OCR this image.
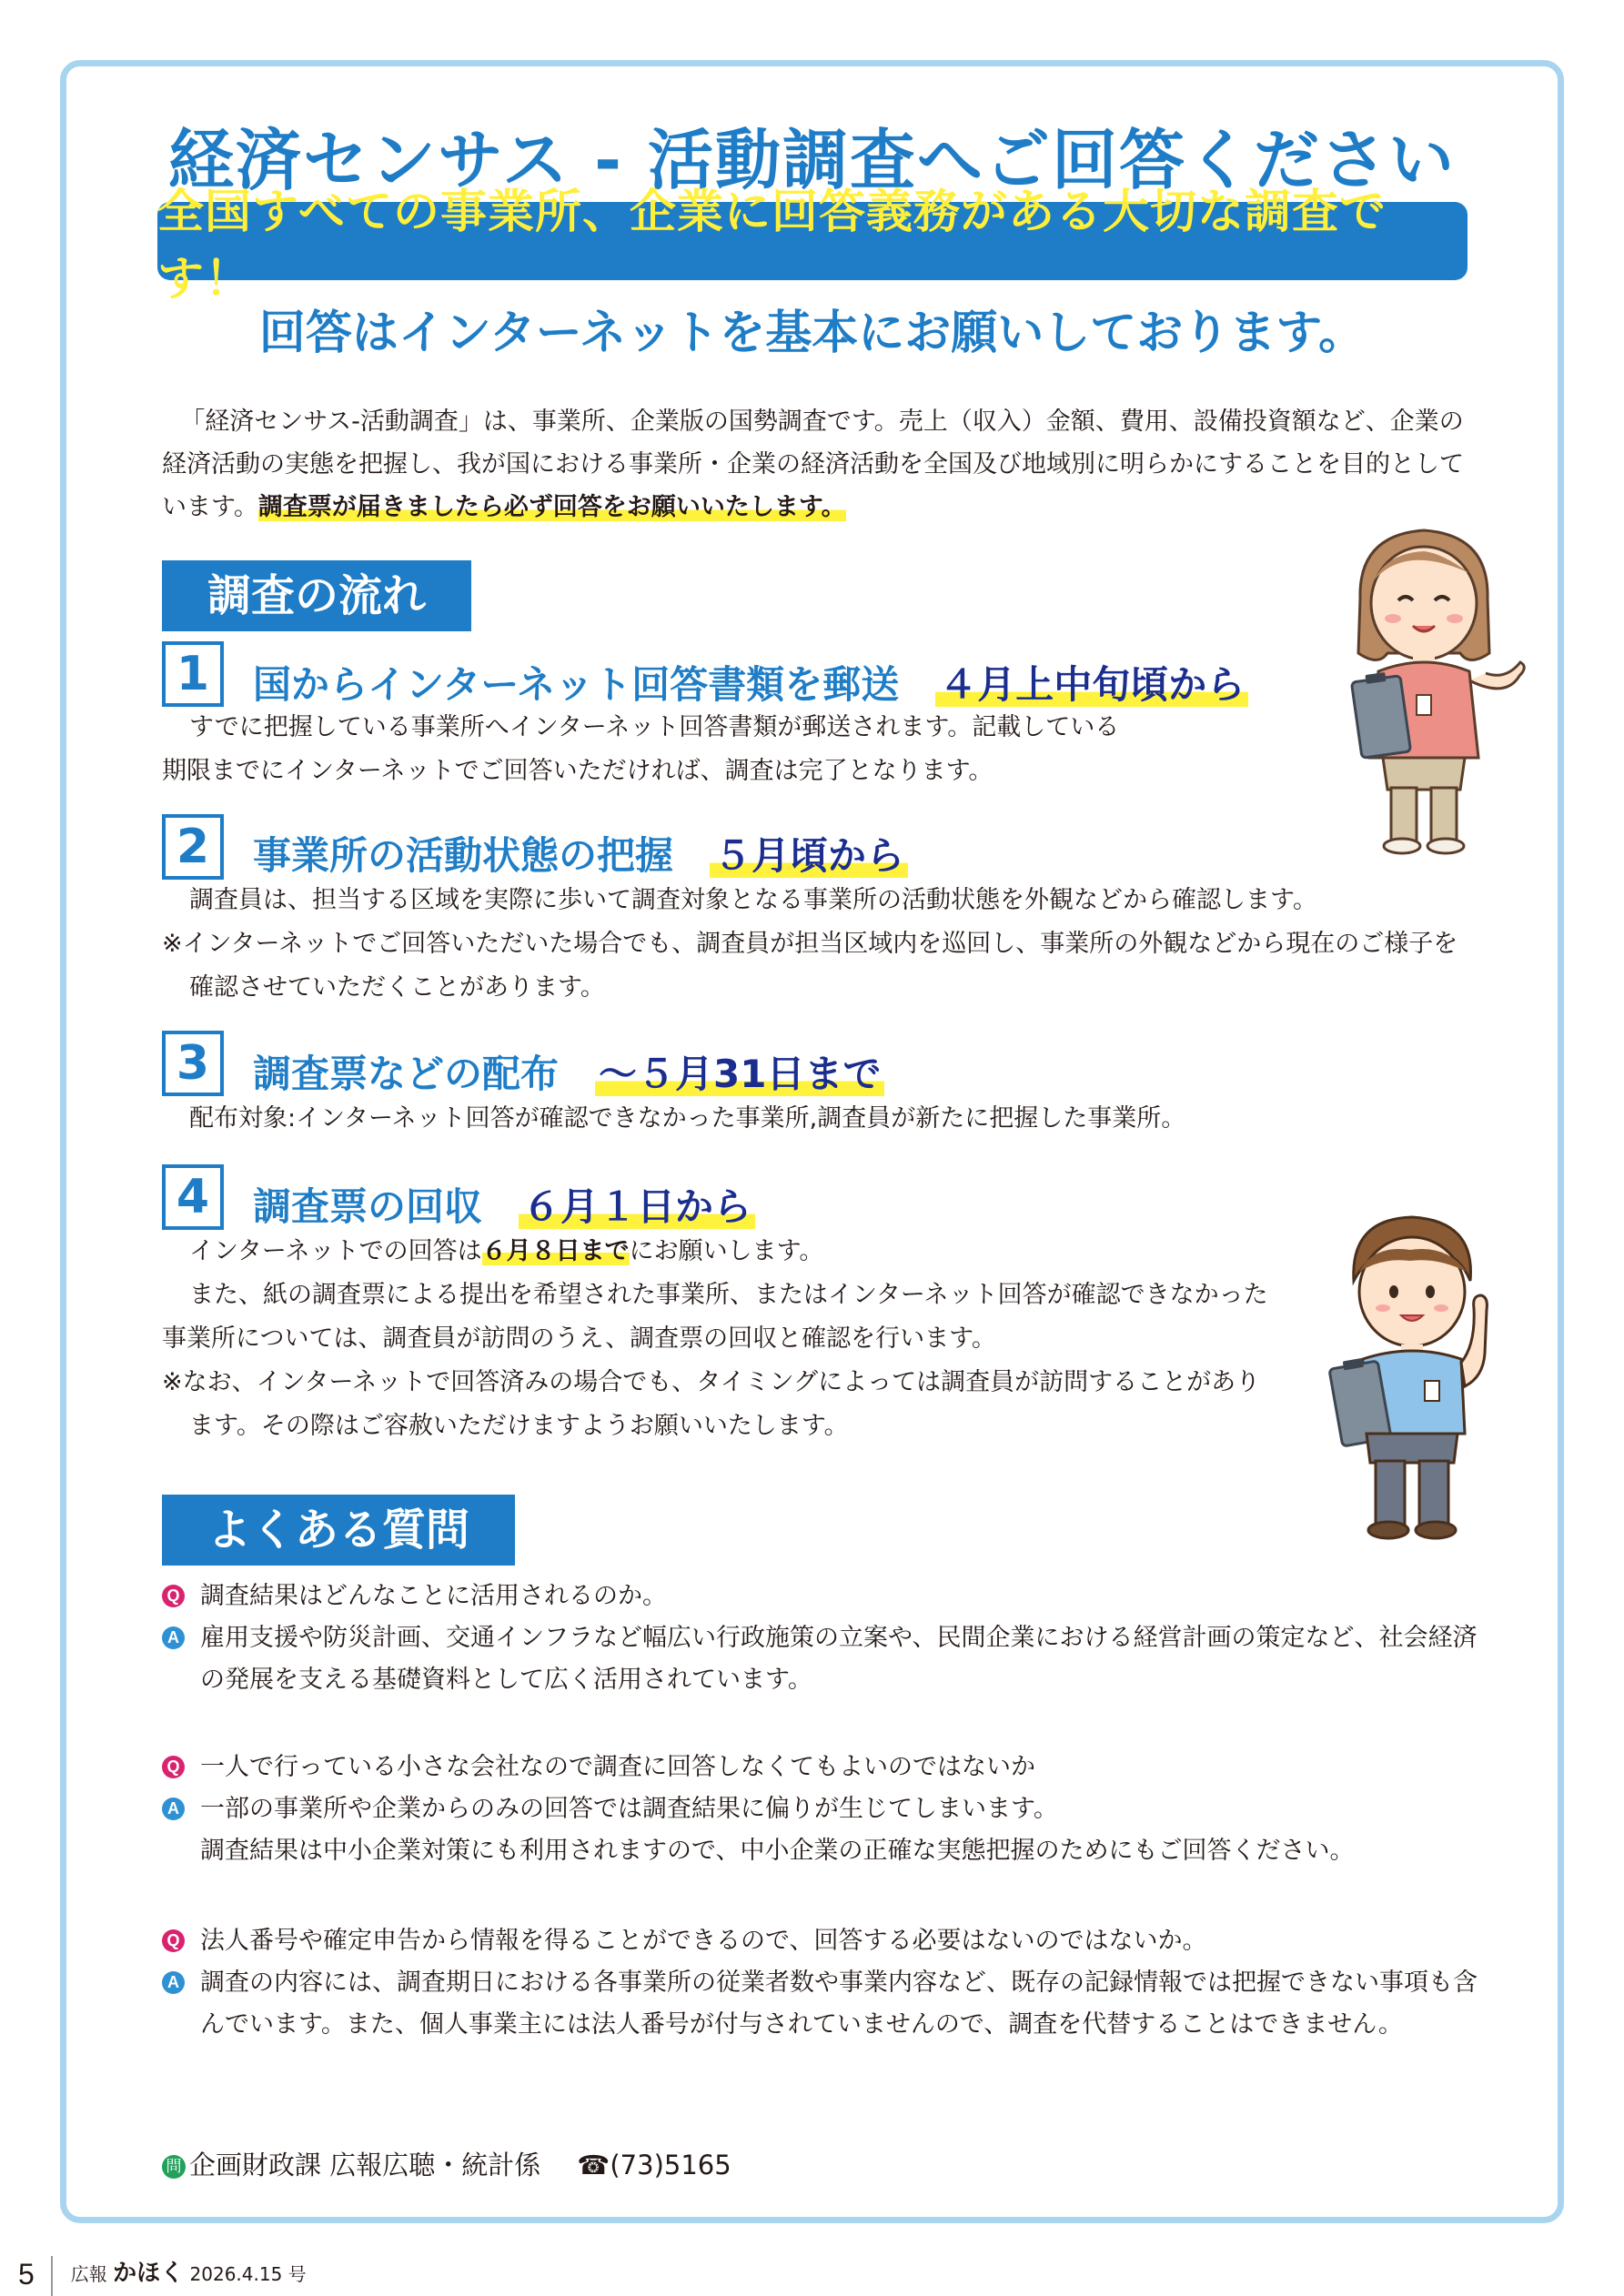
経済センサス - 活動調査へご回答ください
全国すべての事業所、企業に回答義務がある大切な調査です！
回答はインターネットを基本にお願いしております。
「経済センサス-活動調査」は、事業所、企業版の国勢調査です。売上（収入）金額、費用、設備投資額など、企業の経済活動の実態を把握し、我が国における事業所・企業の経済活動を全国及び地域別に明らかにすることを目的としています。調査票が届きましたら必ず回答をお願いいたします。
調査の流れ
1	国からインターネット回答書類を郵送 ４月上中旬頃から

すでに把握している事業所へインターネット回答書類が郵送されます。記載している

期限までにインターネットでご回答いただければ、調査は完了となります。

2	事業所の活動状態の把握 ５月頃から

調査員は、担当する区域を実際に歩いて調査対象となる事業所の活動状態を外観などから確認します。

※インターネットでご回答いただいた場合でも、調査員が担当区域内を巡回し、事業所の外観などから現在のご様子を確認させていただくことがあります。

3	調査票などの配布 ～５月31日まで

配布対象:インターネット回答が確認できなかった事業所,調査員が新たに把握した事業所。

4	調査票の回収 ６月１日から

インターネットでの回答は６月８日までにお願いします。

また、紙の調査票による提出を希望された事業所、またはインターネット回答が確認できなかった事業所については、調査員が訪問のうえ、調査票の回収と確認を行います。

※なお、インターネットで回答済みの場合でも、タイミングによっては調査員が訪問することがあります。その際はご容赦いただけますようお願いいたします。

よくある質問
Q 調査結果はどんなことに活用されるのか。
A 雇用支援や防災計画、交通インフラなど幅広い行政施策の立案や、民間企業における経営計画の策定など、社会経済の発展を支える基礎資料として広く活用されています。
Q 一人で行っている小さな会社なので調査に回答しなくてもよいのではないか
A 一部の事業所や企業からのみの回答では調査結果に偏りが生じてしまいます。
調査結果は中小企業対策にも利用されますので、中小企業の正確な実態把握のためにもご回答ください。
Q 法人番号や確定申告から情報を得ることができるので、回答する必要はないのではないか。
A 調査の内容には、調査期日における各事業所の従業者数や事業内容など、既存の記録情報では把握できない事項も含んでいます。また、個人事業主には法人番号が付与されていませんので、調査を代替することはできません。
問 企画財政課 広報広聴・統計係 ☎(73)5165
5 広報 かほく 2026.4.15 号
